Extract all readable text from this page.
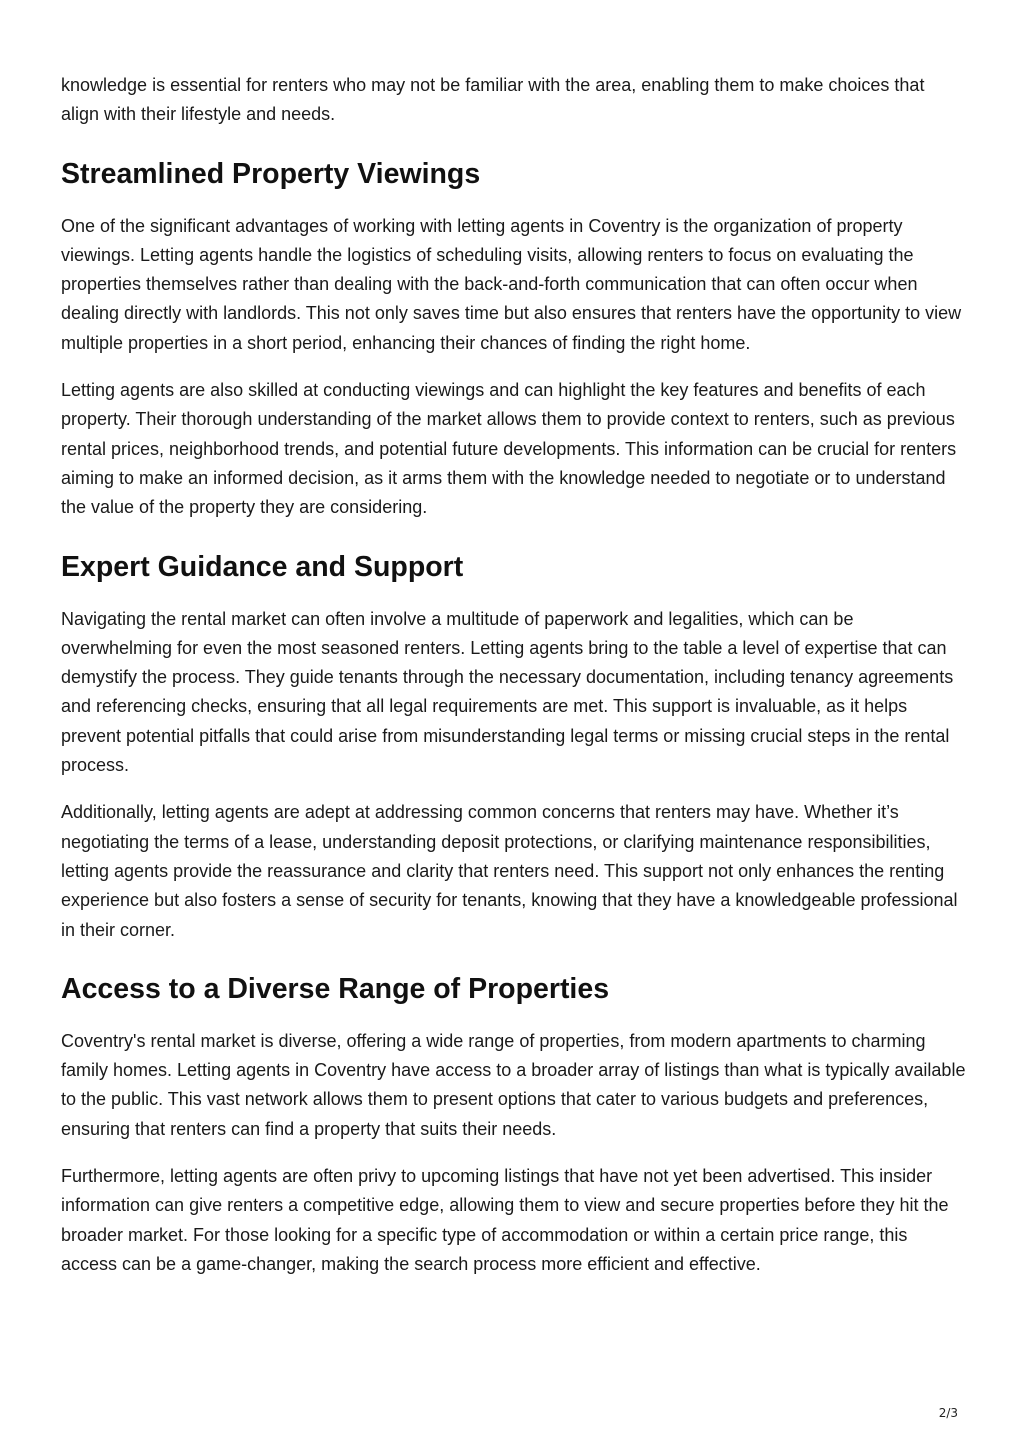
knowledge is essential for renters who may not be familiar with the area, enabling them to make choices that align with their lifestyle and needs.

Streamlined Property Viewings

One of the significant advantages of working with letting agents in Coventry is the organization of property viewings. Letting agents handle the logistics of scheduling visits, allowing renters to focus on evaluating the properties themselves rather than dealing with the back-and-forth communication that can often occur when dealing directly with landlords. This not only saves time but also ensures that renters have the opportunity to view multiple properties in a short period, enhancing their chances of finding the right home.

Letting agents are also skilled at conducting viewings and can highlight the key features and benefits of each property. Their thorough understanding of the market allows them to provide context to renters, such as previous rental prices, neighborhood trends, and potential future developments. This information can be crucial for renters aiming to make an informed decision, as it arms them with the knowledge needed to negotiate or to understand the value of the property they are considering.

Expert Guidance and Support

Navigating the rental market can often involve a multitude of paperwork and legalities, which can be overwhelming for even the most seasoned renters. Letting agents bring to the table a level of expertise that can demystify the process. They guide tenants through the necessary documentation, including tenancy agreements and referencing checks, ensuring that all legal requirements are met. This support is invaluable, as it helps prevent potential pitfalls that could arise from misunderstanding legal terms or missing crucial steps in the rental process.

Additionally, letting agents are adept at addressing common concerns that renters may have. Whether it’s negotiating the terms of a lease, understanding deposit protections, or clarifying maintenance responsibilities, letting agents provide the reassurance and clarity that renters need. This support not only enhances the renting experience but also fosters a sense of security for tenants, knowing that they have a knowledgeable professional in their corner.

Access to a Diverse Range of Properties

Coventry's rental market is diverse, offering a wide range of properties, from modern apartments to charming family homes. Letting agents in Coventry have access to a broader array of listings than what is typically available to the public. This vast network allows them to present options that cater to various budgets and preferences, ensuring that renters can find a property that suits their needs.

Furthermore, letting agents are often privy to upcoming listings that have not yet been advertised. This insider information can give renters a competitive edge, allowing them to view and secure properties before they hit the broader market. For those looking for a specific type of accommodation or within a certain price range, this access can be a game-changer, making the search process more efficient and effective.

2/3
